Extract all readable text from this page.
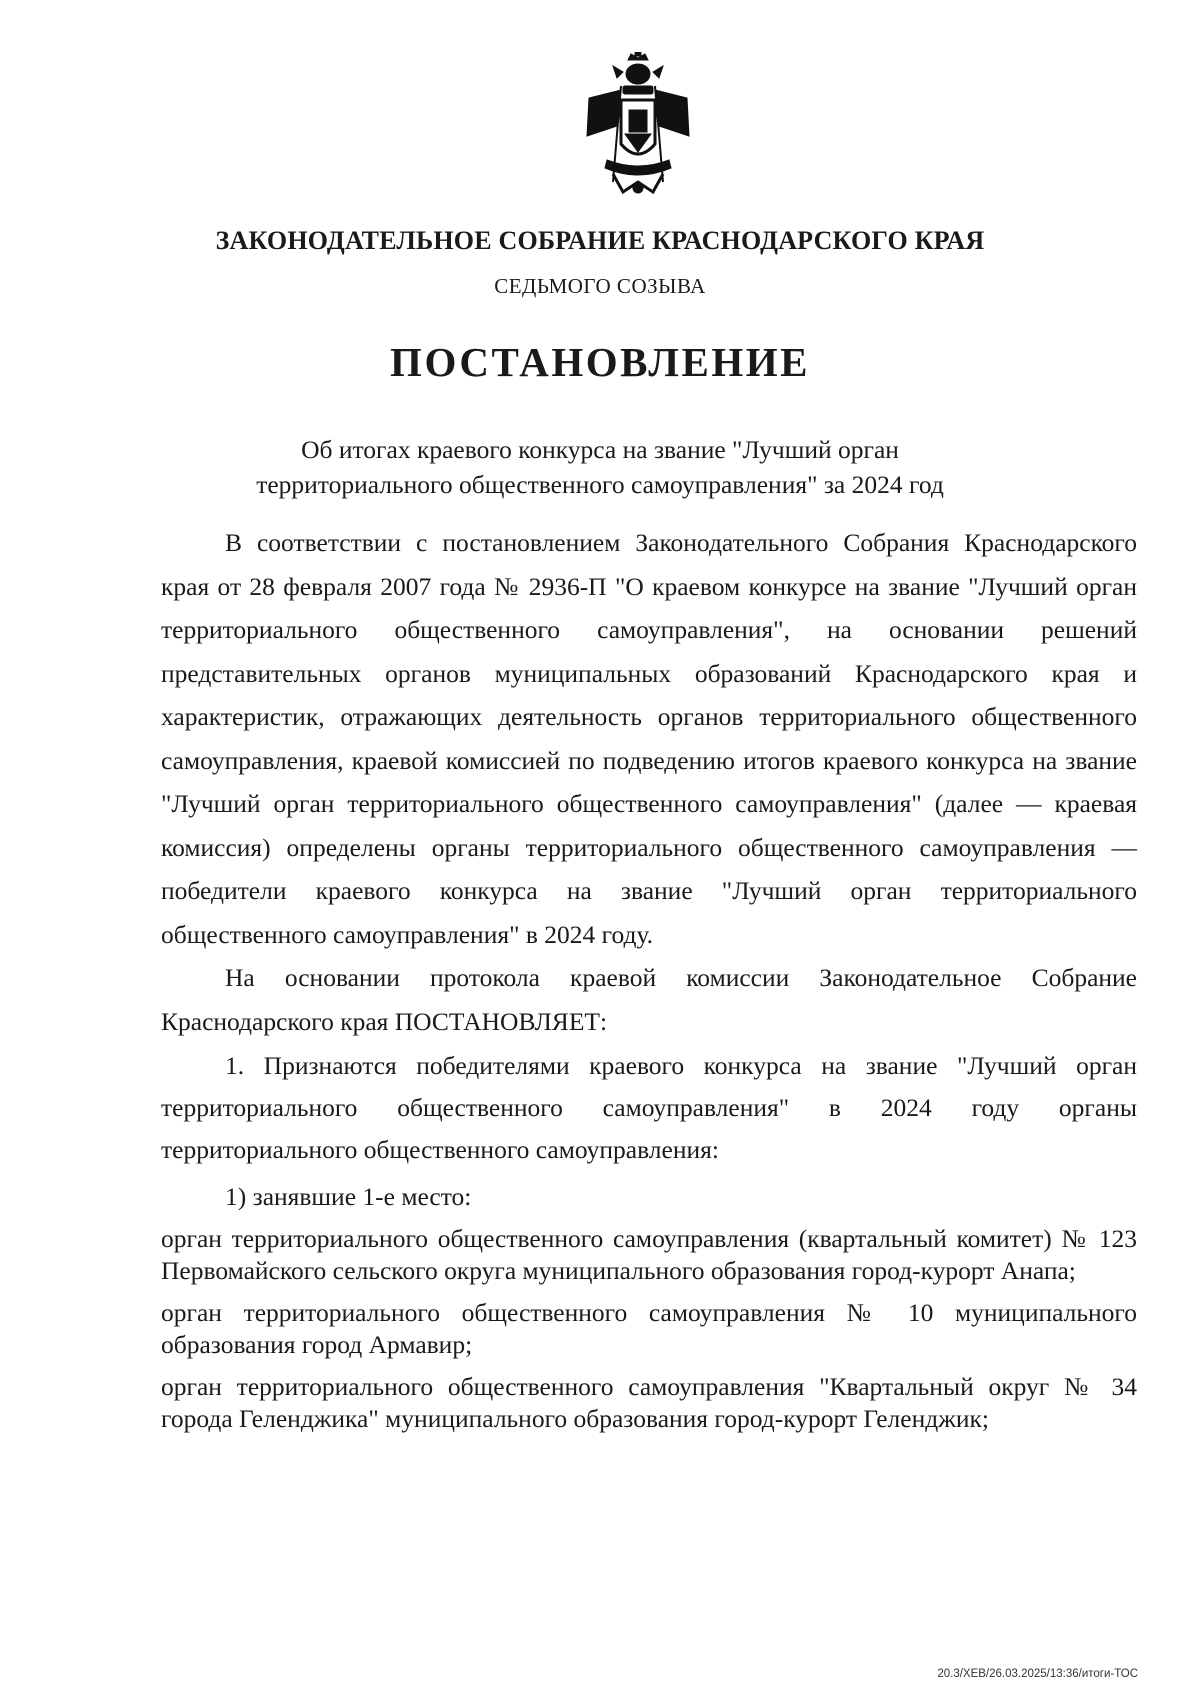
ЗАКОНОДАТЕЛЬНОЕ СОБРАНИЕ КРАСНОДАРСКОГО КРАЯ
СЕДЬМОГО СОЗЫВА
ПОСТАНОВЛЕНИЕ
Об итогах краевого конкурса на звание "Лучший орган
территориального общественного самоуправления" за 2024 год

В соответствии с постановлением Законодательного Собрания Краснодарского края от 28 февраля 2007 года № 2936-П "О краевом конкурсе на звание "Лучший орган территориального общественного самоуправления", на основании решений представительных органов муниципальных образований Краснодарского края и характеристик, отражающих деятельность органов территориального общественного самоуправления, краевой комиссией по подведению итогов краевого конкурса на звание "Лучший орган территориального общественного самоуправления" (далее — краевая комиссия) определены органы территориального общественного самоуправления — победители краевого конкурса на звание "Лучший орган территориального общественного самоуправления" в 2024 году.

На основании протокола краевой комиссии Законодательное Собрание Краснодарского края ПОСТАНОВЛЯЕТ:

1. Признаются победителями краевого конкурса на звание "Лучший орган территориального общественного самоуправления" в 2024 году органы территориального общественного самоуправления:

1) занявшие 1-е место:

орган территориального общественного самоуправления (квартальный комитет) № 123 Первомайского сельского округа муниципального образования город-курорт Анапа;

орган территориального общественного самоуправления № 10 муниципального образования город Армавир;

орган территориального общественного самоуправления "Квартальный округ № 34 города Геленджика" муниципального образования город-курорт Геленджик;

20.3/ХЕВ/26.03.2025/13:36/итоги-ТОС
